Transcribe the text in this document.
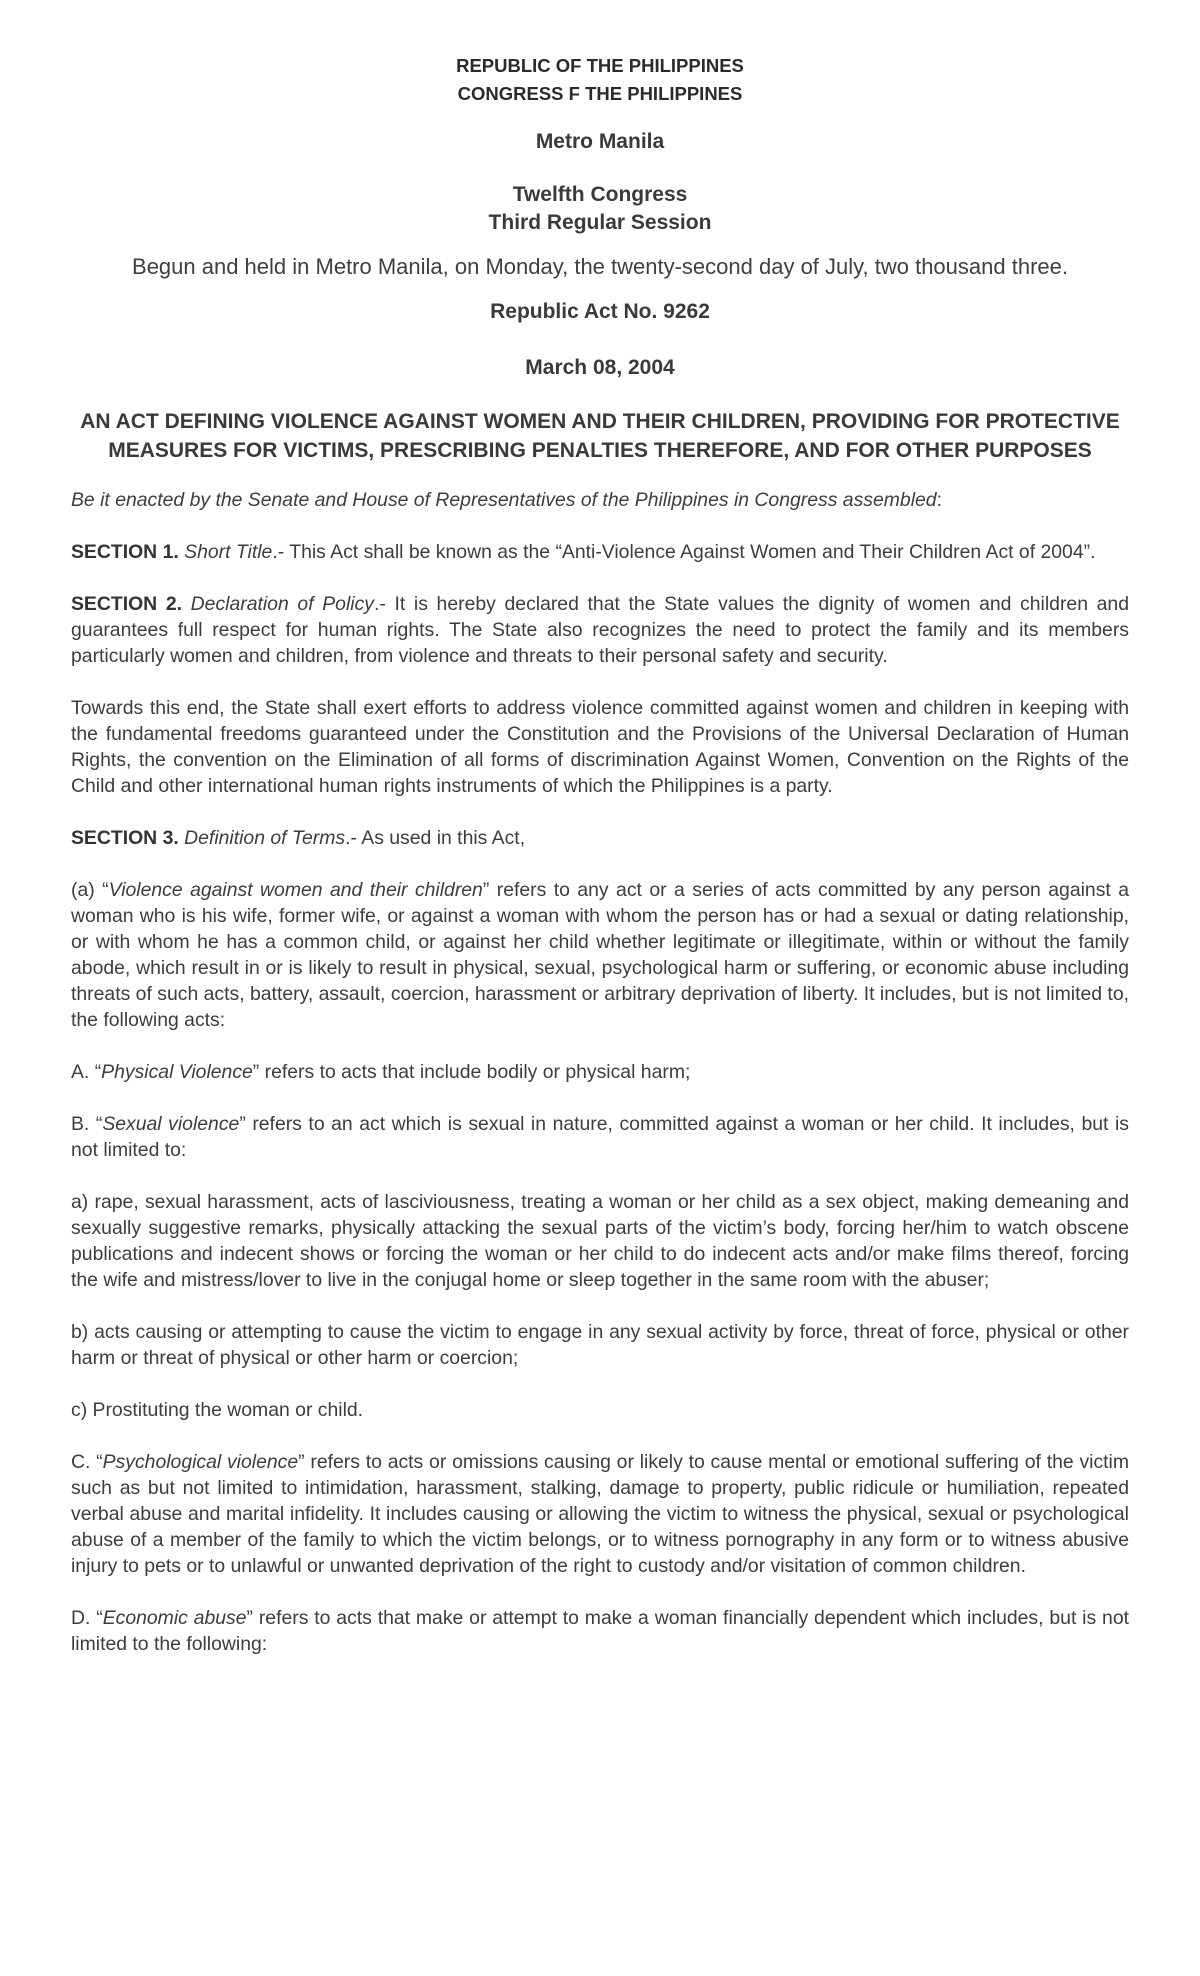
REPUBLIC OF THE PHILIPPINES
CONGRESS F THE PHILIPPINES
Metro Manila
Twelfth Congress
Third Regular Session
Begun and held in Metro Manila, on Monday, the twenty-second day of July, two thousand three.
Republic Act No. 9262
March 08, 2004
AN ACT DEFINING VIOLENCE AGAINST WOMEN AND THEIR CHILDREN, PROVIDING FOR PROTECTIVE MEASURES FOR VICTIMS, PRESCRIBING PENALTIES THEREFORE, AND FOR OTHER PURPOSES

Be it enacted by the Senate and House of Representatives of the Philippines in Congress assembled:

SECTION 1. Short Title.- This Act shall be known as the “Anti-Violence Against Women and Their Children Act of 2004”.

SECTION 2. Declaration of Policy.- It is hereby declared that the State values the dignity of women and children and guarantees full respect for human rights. The State also recognizes the need to protect the family and its members particularly women and children, from violence and threats to their personal safety and security.

Towards this end, the State shall exert efforts to address violence committed against women and children in keeping with the fundamental freedoms guaranteed under the Constitution and the Provisions of the Universal Declaration of Human Rights, the convention on the Elimination of all forms of discrimination Against Women, Convention on the Rights of the Child and other international human rights instruments of which the Philippines is a party.

SECTION 3. Definition of Terms.- As used in this Act,

(a) “Violence against women and their children” refers to any act or a series of acts committed by any person against a woman who is his wife, former wife, or against a woman with whom the person has or had a sexual or dating relationship, or with whom he has a common child, or against her child whether legitimate or illegitimate, within or without the family abode, which result in or is likely to result in physical, sexual, psychological harm or suffering, or economic abuse including threats of such acts, battery, assault, coercion, harassment or arbitrary deprivation of liberty. It includes, but is not limited to, the following acts:

A. “Physical Violence” refers to acts that include bodily or physical harm;

B. “Sexual violence” refers to an act which is sexual in nature, committed against a woman or her child. It includes, but is not limited to:

a) rape, sexual harassment, acts of lasciviousness, treating a woman or her child as a sex object, making demeaning and sexually suggestive remarks, physically attacking the sexual parts of the victim’s body, forcing her/him to watch obscene publications and indecent shows or forcing the woman or her child to do indecent acts and/or make films thereof, forcing the wife and mistress/lover to live in the conjugal home or sleep together in the same room with the abuser;

b) acts causing or attempting to cause the victim to engage in any sexual activity by force, threat of force, physical or other harm or threat of physical or other harm or coercion;

c) Prostituting the woman or child.

C. “Psychological violence” refers to acts or omissions causing or likely to cause mental or emotional suffering of the victim such as but not limited to intimidation, harassment, stalking, damage to property, public ridicule or humiliation, repeated verbal abuse and marital infidelity. It includes causing or allowing the victim to witness the physical, sexual or psychological abuse of a member of the family to which the victim belongs, or to witness pornography in any form or to witness abusive injury to pets or to unlawful or unwanted deprivation of the right to custody and/or visitation of common children.

D. “Economic abuse” refers to acts that make or attempt to make a woman financially dependent which includes, but is not limited to the following:
